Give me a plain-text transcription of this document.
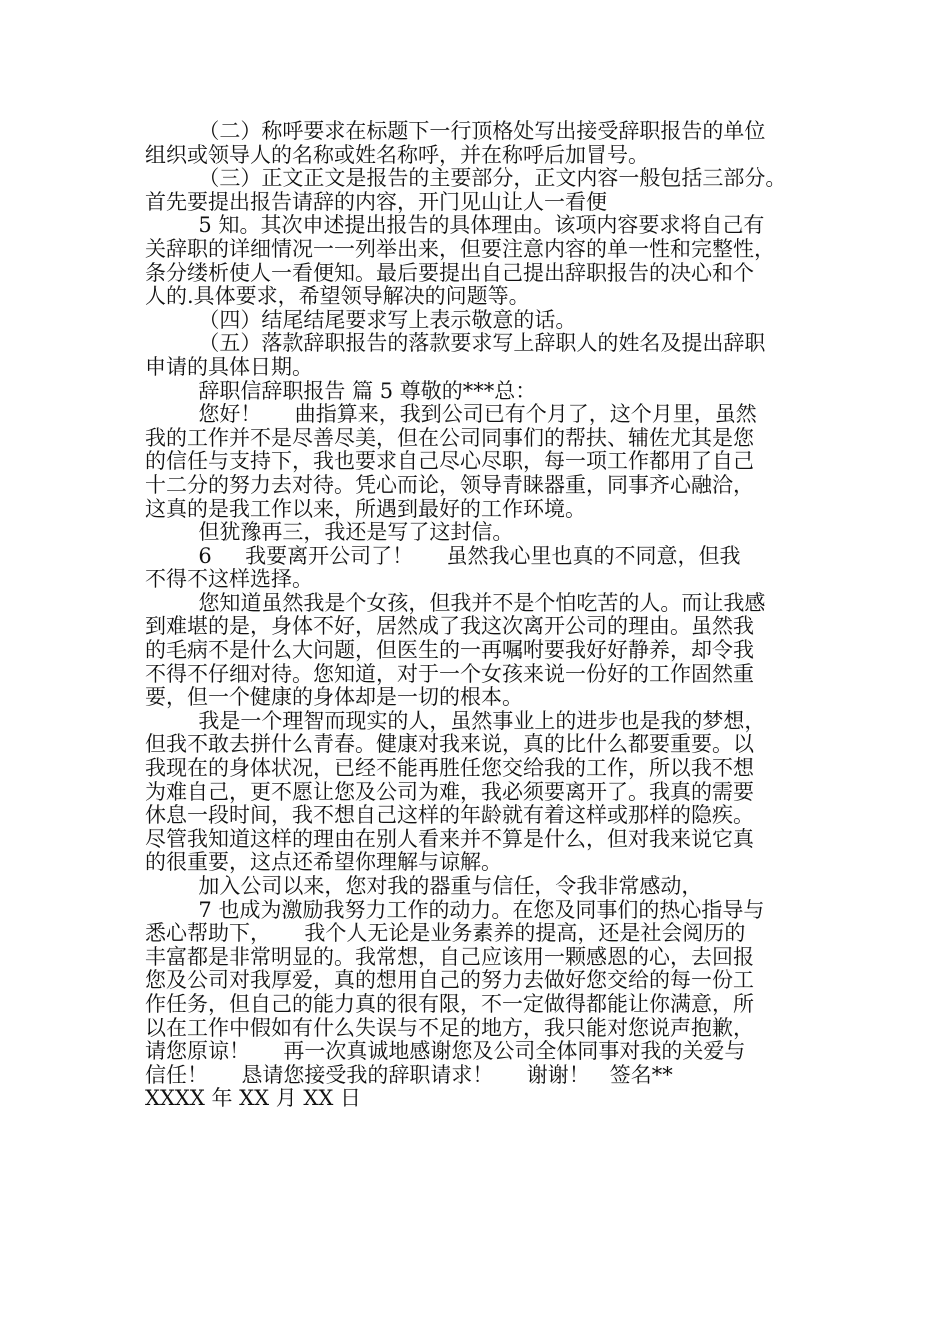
（二）称呼要求在标题下一行顶格处写出接受辞职报告的单位
组织或领导人的名称或姓名称呼，并在称呼后加冒号。
（三）正文正文是报告的主要部分，正文内容一般包括三部分。
首先要提出报告请辞的内容，开门见山让人一看便
5 知。其次申述提出报告的具体理由。该项内容要求将自己有
关辞职的详细情况一一列举出来，但要注意内容的单一性和完整性，
条分缕析使人一看便知。最后要提出自己提出辞职报告的决心和个
人的.具体要求，希望领导解决的问题等。
（四）结尾结尾要求写上表示敬意的话。
（五）落款辞职报告的落款要求写上辞职人的姓名及提出辞职
申请的具体日期。
辞职信辞职报告 篇 5 尊敬的***总：
您好！     曲指算来，我到公司已有个月了，这个月里，虽然
我的工作并不是尽善尽美，但在公司同事们的帮扶、辅佐尤其是您
的信任与支持下，我也要求自己尽心尽职，每一项工作都用了自己
十二分的努力去对待。凭心而论，领导青睐器重，同事齐心融洽，
这真的是我工作以来，所遇到最好的工作环境。
但犹豫再三，我还是写了这封信。
6     我要离开公司了！     虽然我心里也真的不同意，但我
不得不这样选择。
您知道虽然我是个女孩，但我并不是个怕吃苦的人。而让我感
到难堪的是，身体不好，居然成了我这次离开公司的理由。虽然我
的毛病不是什么大问题，但医生的一再嘱咐要我好好静养，却令我
不得不仔细对待。您知道，对于一个女孩来说一份好的工作固然重
要，但一个健康的身体却是一切的根本。
我是一个理智而现实的人，虽然事业上的进步也是我的梦想，
但我不敢去拼什么青春。健康对我来说，真的比什么都要重要。以
我现在的身体状况，已经不能再胜任您交给我的工作，所以我不想
为难自己，更不愿让您及公司为难，我必须要离开了。我真的需要
休息一段时间，我不想自己这样的年龄就有着这样或那样的隐疾。
尽管我知道这样的理由在别人看来并不算是什么，但对我来说它真
的很重要，这点还希望你理解与谅解。
加入公司以来，您对我的器重与信任，令我非常感动，
7 也成为激励我努力工作的动力。在您及同事们的热心指导与
悉心帮助下，     我个人无论是业务素养的提高，还是社会阅历的
丰富都是非常明显的。我常想，自己应该用一颗感恩的心，去回报
您及公司对我厚爱，真的想用自己的努力去做好您交给的每一份工
作任务，但自己的能力真的很有限，不一定做得都能让你满意，所
以在工作中假如有什么失误与不足的地方，我只能对您说声抱歉，
请您原谅！     再一次真诚地感谢您及公司全体同事对我的关爱与
信任！     恳请您接受我的辞职请求！     谢谢！   签名**
XXXX 年 XX 月 XX 日
